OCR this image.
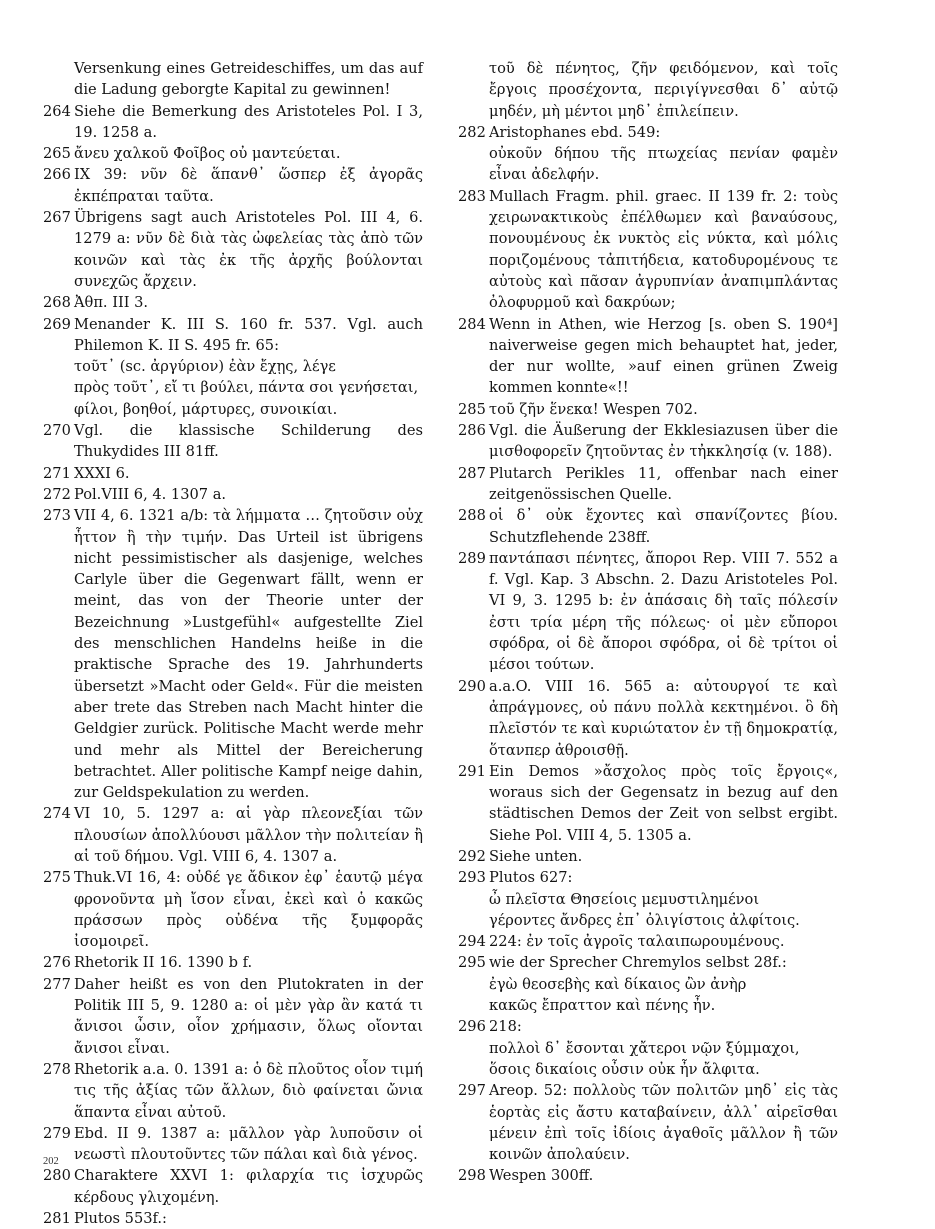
Versenkung eines Getreideschiffes, um das auf die Ladung geborgte Kapital zu gewinnen!

264 Siehe die Bemerkung des Aristoteles Pol. I 3, 19. 1258 a.

265 ἄνευ χαλκοῦ Φοῖβος οὐ μαντεύεται.

266 IX 39: νῦν δὲ ἅπανθ᾽ ὥσπερ ἐξ ἀγορᾶς ἐκπέπραται ταῦτα.

267 Übrigens sagt auch Aristoteles Pol. III 4, 6. 1279 a: νῦν δὲ διὰ τὰς ὠφελείας τὰς ἀπὸ τῶν κοινῶν καὶ τὰς ἐκ τῆς ἀρχῆς βούλονται συνεχῶς ἄρχειν.

268 Ἀθπ. III 3.

269 Menander K. III S. 160 fr. 537. Vgl. auch Philemon K. II S. 495 fr. 65:

τοῦτ᾽ (sc. ἀργύριον) ἐὰν ἔχῃς, λέγε
πρὸς τοῦτ᾽, εἴ τι βούλει, πάντα σοι γενήσεται,
φίλοι, βοηθοί, μάρτυρες, συνοικίαι.

270 Vgl. die klassische Schilderung des Thukydides III 81ff.

271 XXXI 6.

272 Pol.VIII 6, 4. 1307 a.

273 VII 4, 6. 1321 a/b: τὰ λήμματα … ζητοῦσιν οὐχ ἧττον ἢ τὴν τιμήν. Das Urteil ist übrigens nicht pessimistischer als dasjenige, welches Carlyle über die Gegenwart fällt, wenn er meint, das von der Theorie unter der Bezeichnung »Lustgefühl« aufgestellte Ziel des menschlichen Handelns heiße in die praktische Sprache des 19. Jahrhunderts übersetzt »Macht oder Geld«. Für die meisten aber trete das Streben nach Macht hinter die Geldgier zurück. Politische Macht werde mehr und mehr als Mittel der Bereicherung betrachtet. Aller politische Kampf neige dahin, zur Geldspekulation zu werden.

274 VI 10, 5. 1297 a: αἱ γὰρ πλεονεξίαι τῶν πλουσίων ἀπολλύουσι μᾶλλον τὴν πολιτείαν ἢ αἱ τοῦ δήμου. Vgl. VIII 6, 4. 1307 a.

275 Thuk.VI 16, 4: οὐδέ γε ἄδικον ἐφ᾽ ἑαυτῷ μέγα φρονοῦντα μὴ ἴσον εἶναι, ἐκεὶ καὶ ὁ κακῶς πράσσων πρὸς οὐδένα τῆς ξυμφορᾶς ἰσομοιρεῖ.

276 Rhetorik II 16. 1390 b f.

277 Daher heißt es von den Plutokraten in der Politik III 5, 9. 1280 a: οἱ μὲν γὰρ ἂν κατά τι ἄνισοι ὦσιν, οἷον χρήμασιν, ὅλως οἴονται ἄνισοι εἶναι.

278 Rhetorik a.a. 0. 1391 a: ὁ δὲ πλοῦτος οἷον τιμή τις τῆς ἀξίας τῶν ἄλλων, διὸ φαίνεται ὤνια ἅπαντα εἶναι αὐτοῦ.

279 Ebd. II 9. 1387 a: μᾶλλον γὰρ λυποῦσιν οἱ νεωστὶ πλουτοῦντες τῶν πάλαι καὶ διὰ γένος.

280 Charaktere XXVI 1: φιλαρχία τις ἰσχυρῶς κέρδους γλιχομένη.

281 Plutos 553f.:

τοῦ δὲ πένητος, ζῆν φειδόμενον, καὶ τοῖς ἔργοις προσέχοντα, περιγίγνεσθαι δ᾽ αὐτῷ μηδέν, μὴ μέντοι μηδ᾽ ἐπιλείπειν.

282 Aristophanes ebd. 549:

οὐκοῦν δήπου τῆς πτωχείας πενίαν φαμὲν εἶναι ἀδελφήν.

283 Mullach Fragm. phil. graec. II 139 fr. 2: τοὺς χειρωνακτικοὺς ἐπέλθωμεν καὶ βαναύσους, πονουμένους ἐκ νυκτὸς εἰς νύκτα, καὶ μόλις ποριζομένους τἀπιτήδεια, κατοδυρομένους τε αὐτοὺς καὶ πᾶσαν ἀγρυπνίαν ἀναπιμπλάντας ὀλοφυρμοῦ καὶ δακρύων;

284 Wenn in Athen, wie Herzog [s. oben S. 190⁴] naiverweise gegen mich behauptet hat, jeder, der nur wollte, »auf einen grünen Zweig kommen konnte«!!

285 τοῦ ζῆν ἕνεκα! Wespen 702.

286 Vgl. die Äußerung der Ekklesiazusen über die μισθοφορεῖν ζητοῦντας ἐν τἠκκλησίᾳ (v. 188).

287 Plutarch Perikles 11, offenbar nach einer zeitgenössischen Quelle.

288 οἱ δ᾽ οὐκ ἔχοντες καὶ σπανίζοντες βίου. Schutzflehende 238ff.

289 παντάπασι πένητες, ἄποροι Rep. VIII 7. 552 a f. Vgl. Kap. 3 Abschn. 2. Dazu Aristoteles Pol. VI 9, 3. 1295 b: ἐν ἁπάσαις δὴ ταῖς πόλεσίν ἐστι τρία μέρη τῆς πόλεως· οἱ μὲν εὔποροι σφόδρα, οἱ δὲ ἄποροι σφόδρα, οἱ δὲ τρίτοι οἱ μέσοι τούτων.

290 a.a.O. VIII 16. 565 a: αὐτουργοί τε καὶ ἀπράγμονες, οὐ πάνυ πολλὰ κεκτημένοι. ὃ δὴ πλεῖστόν τε καὶ κυριώτατον ἐν τῇ δημοκρατίᾳ, ὅτανπερ ἀθροισθῇ.

291 Ein Demos »ἄσχολος πρὸς τοῖς ἔργοις«, woraus sich der Gegensatz in bezug auf den städtischen Demos der Zeit von selbst ergibt. Siehe Pol. VIII 4, 5. 1305 a.

292 Siehe unten.

293 Plutos 627:

ὦ πλεῖστα Θησείοις μεμυστιλημένοι
γέροντες ἄνδρες ἐπ᾽ ὀλιγίστοις ἀλφίτοις.

294 224: ἐν τοῖς ἀγροῖς ταλαιπωρουμένους.

295 wie der Sprecher Chremylos selbst 28f.:

ἐγὼ θεοσεβὴς καὶ δίκαιος ὢν ἀνὴρ
κακῶς ἔπραττον καὶ πένης ἦν.

296 218:

πολλοὶ δ᾽ ἔσονται χἄτεροι νῷν ξύμμαχοι,
ὅσοις δικαίοις οὖσιν οὐκ ἦν ἄλφιτα.

297 Areop. 52: πολλοὺς τῶν πολιτῶν μηδ᾽ εἰς τὰς ἑορτὰς εἰς ἄστυ καταβαίνειν, ἀλλ᾽ αἱρεῖσθαι μένειν ἐπὶ τοῖς ἰδίοις ἀγαθοῖς μᾶλλον ἢ τῶν κοινῶν ἀπολαύειν.

298 Wespen 300ff.

202
